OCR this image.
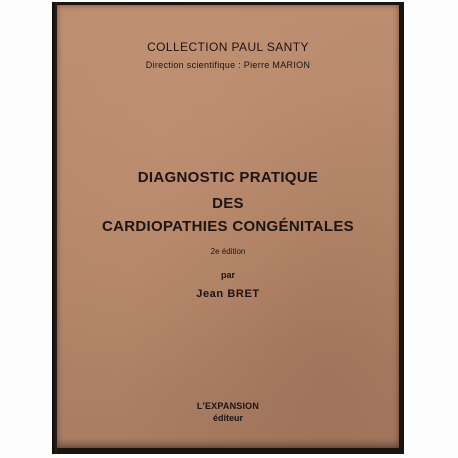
COLLECTION PAUL SANTY

Direction scientifique : Pierre MARION

DIAGNOSTIC PRATIQUE

DES

CARDIOPATHIES CONGÉNITALES

2e édition

par

Jean BRET

L'EXPANSION

éditeur
